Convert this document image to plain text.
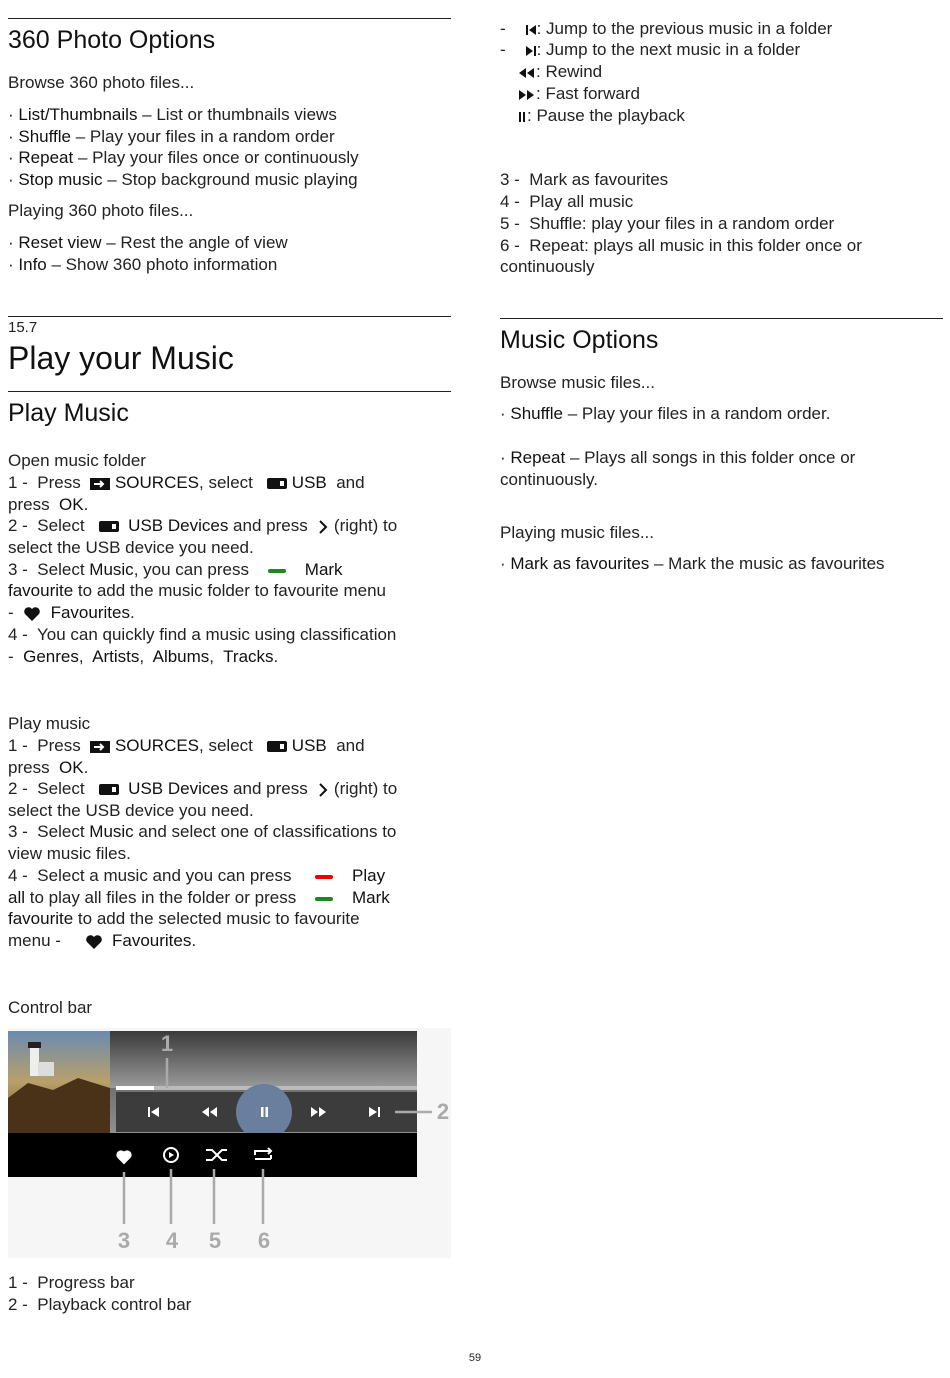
360 Photo Options
Browse 360 photo files...
· List/Thumbnails – List or thumbnails views
· Shuffle – Play your files in a random order
· Repeat – Play your files once or continuously
· Stop music – Stop background music playing
Playing 360 photo files...
· Reset view – Rest the angle of view
· Info – Show 360 photo information
15.7
Play your Music
Play Music
Open music folder
1 - Press SOURCES, select USB and
press OK.
2 - Select	USB Devices and press (right) to
select the USB device you need.
3 - Select Music, you can press	Mark
favourite to add the music folder to favourite menu
- Favourites.
4 - You can quickly find a music using classification
- Genres, Artists, Albums, Tracks.
Play music
1 - Press SOURCES, select USB and
press OK.
2 - Select	USB Devices and press (right) to
select the USB device you need.
3 - Select Music and select one of classifications to
view music files.
4 - Select a music and you can press	Play
all to play all files in the folder or press	Mark
favourite to add the selected music to favourite
menu -	Favourites.
Control bar
1
2
3 4 5 6
1 - Progress bar
2 - Playback control bar
- : Jump to the previous music in a folder
- : Jump to the next music in a folder
: Rewind
: Fast forward
: Pause the playback
3 - Mark as favourites
4 - Play all music
5 - Shuffle: play your files in a random order
6 - Repeat: plays all music in this folder once or
continuously
Music Options
Browse music files...
· Shuffle – Play your files in a random order.
· Repeat – Plays all songs in this folder once or
continuously.
Playing music files...
· Mark as favourites – Mark the music as favourites
59
